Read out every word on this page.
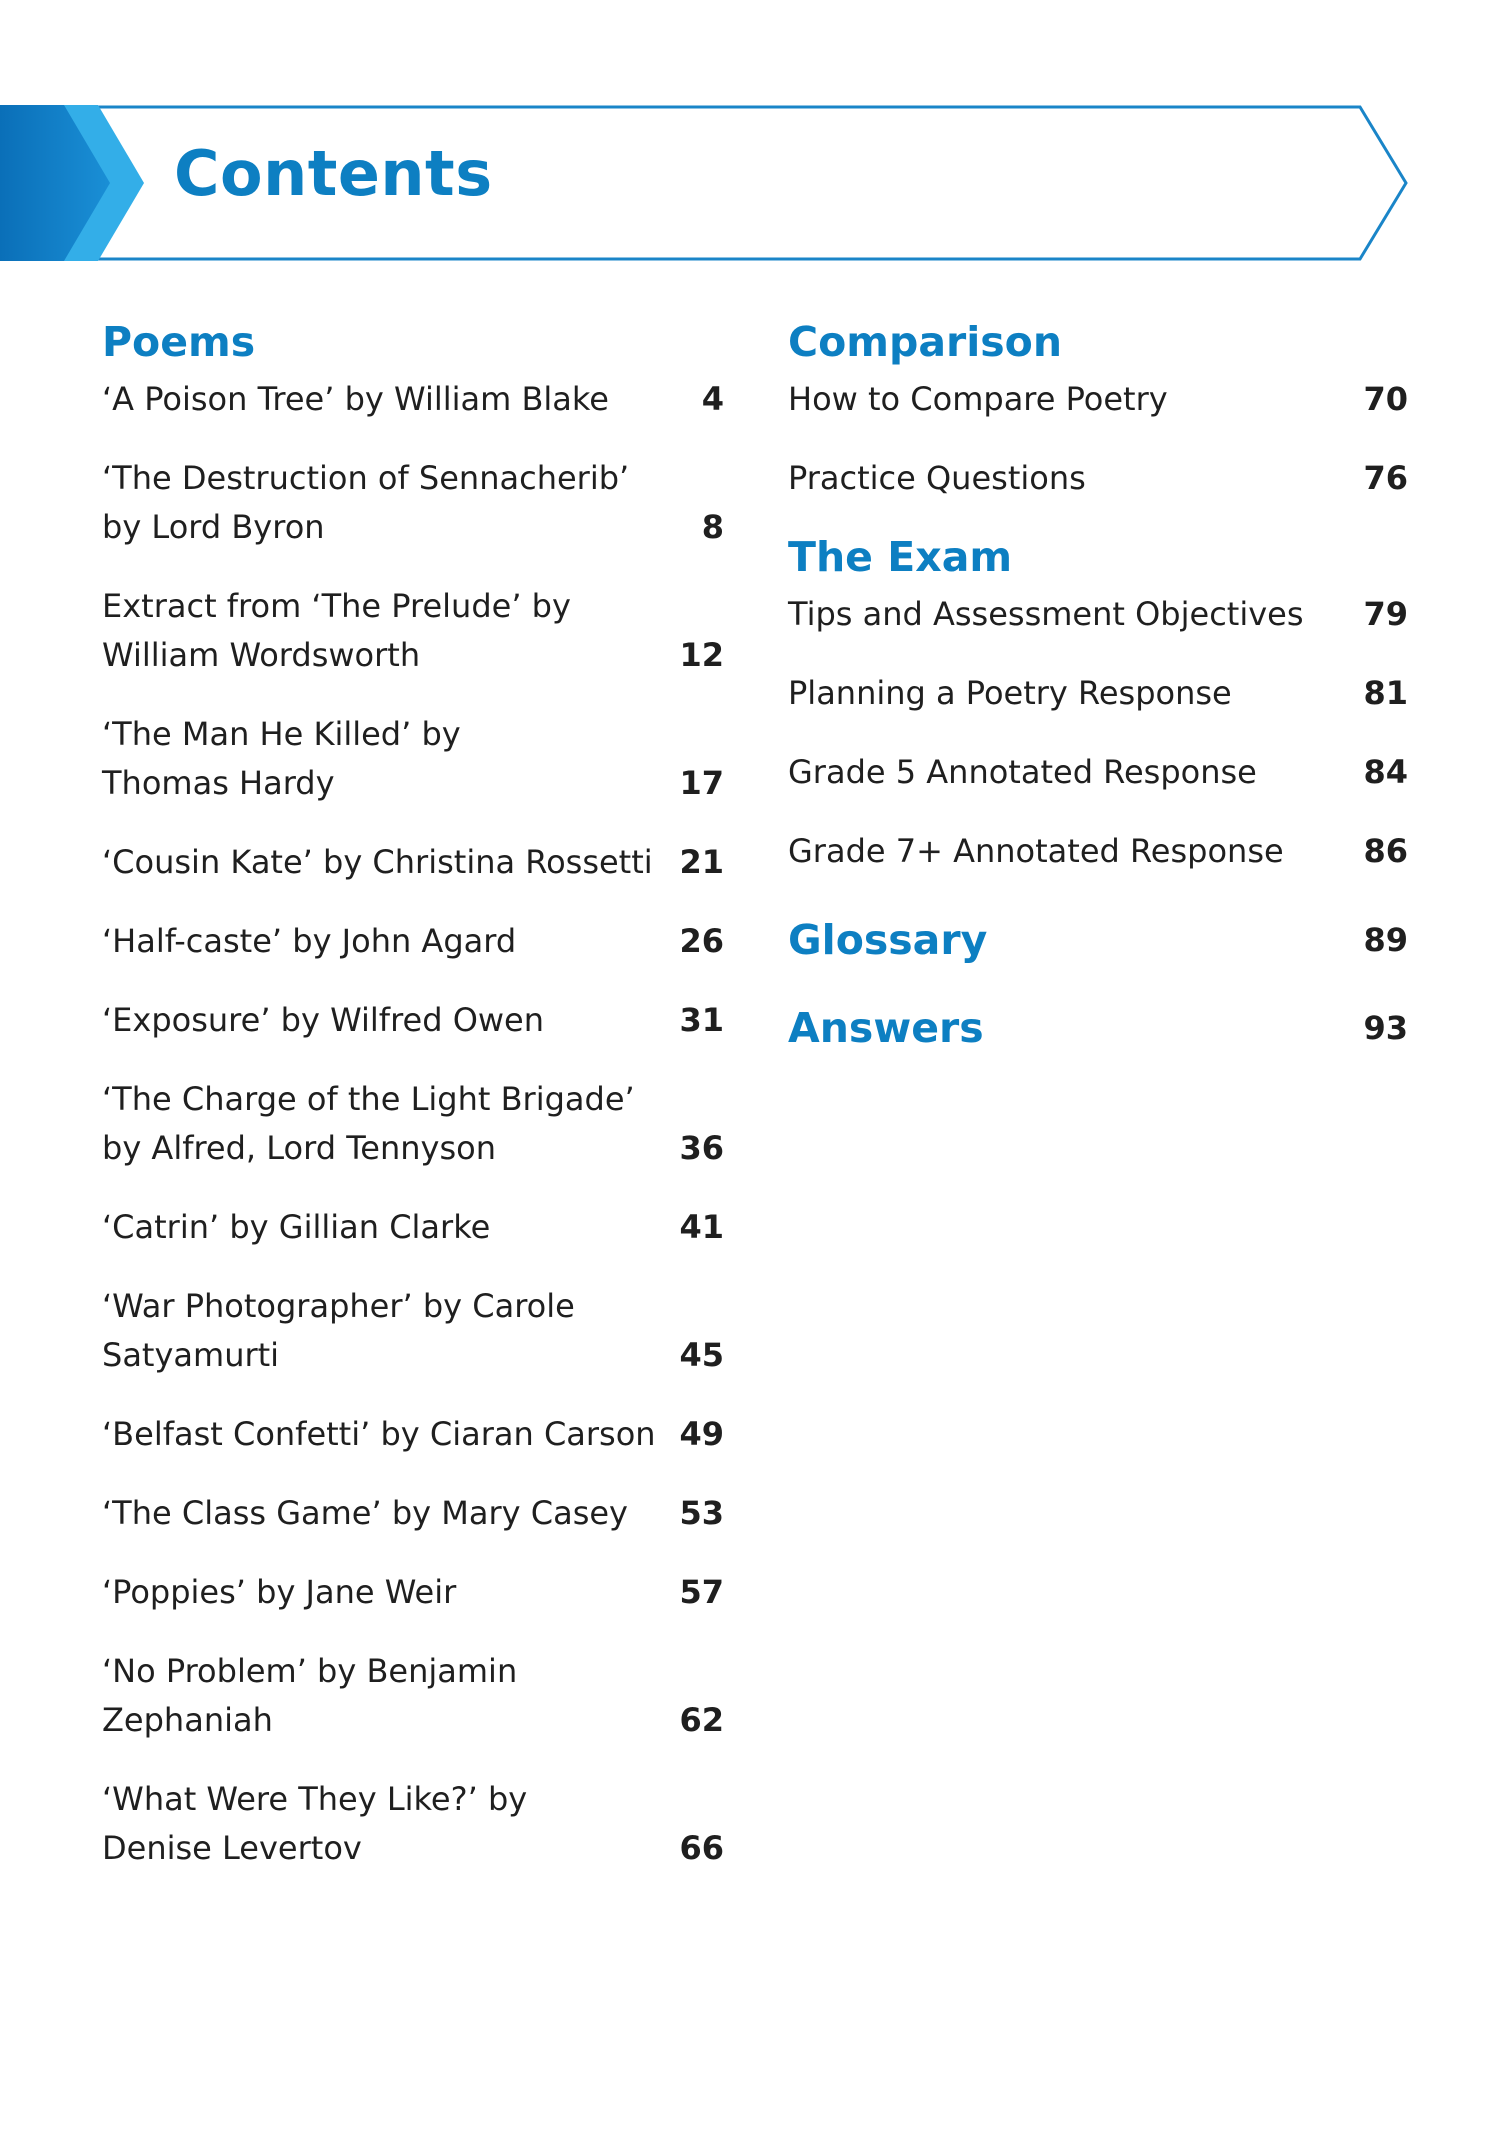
Contents
Poems
‘A Poison Tree’ by William Blake	4
‘The Destruction of Sennacherib’
by Lord Byron	8
Extract from ‘The Prelude’ by
William Wordsworth	12
‘The Man He Killed’ by
Thomas Hardy	17
‘Cousin Kate’ by Christina Rossetti 21
‘Half-caste’ by John Agard	26
‘Exposure’ by Wilfred Owen	31
‘The Charge of the Light Brigade’
by Alfred, Lord Tennyson	36
‘Catrin’ by Gillian Clarke	41
‘War Photographer’ by Carole
Satyamurti	45
‘Belfast Confetti’ by Ciaran Carson 49
‘The Class Game’ by Mary Casey	53
‘Poppies’ by Jane Weir	57
‘No Problem’ by Benjamin
Zephaniah	62
‘What Were They Like?’ by
Denise Levertov	66
Comparison
How to Compare Poetry	70
Practice Questions	76
The Exam
Tips and Assessment Objectives	79
Planning a Poetry Response	81
Grade 5 Annotated Response	84
Grade 7+ Annotated Response	86
Glossary	89
Answers	93
